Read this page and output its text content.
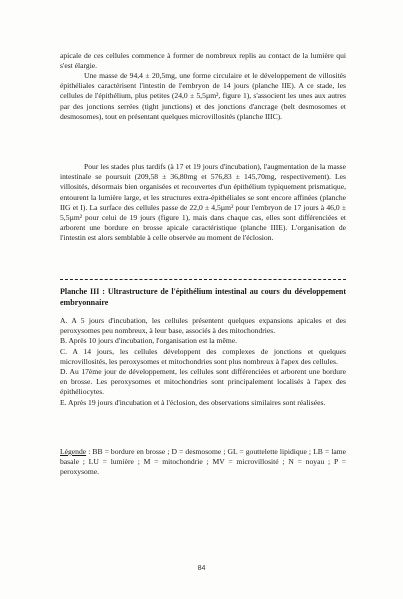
apicale de ces cellules commence à former de nombreux replis au contact de la lumière qui s'est élargie.

Une masse de 94,4 ± 20,5mg, une forme circulaire et le développement de villosités épithéliales caractérisent l'intestin de l'embryon de 14 jours (planche IIE). A ce stade, les cellules de l'épithélium, plus petites (24,0 ± 5,5µm², figure 1), s'associent les unes aux autres par des jonctions serrées (tight junctions) et des jonctions d'ancrage (belt desmosomes et desmosomes), tout en présentant quelques microvillosités (planche IIIC).

Pour les stades plus tardifs (à 17 et 19 jours d'incubation), l'augmentation de la masse intestinale se poursuit (209,58 ± 36,80mg et 576,83 ± 145,70mg, respectivement). Les villosités, désormais bien organisées et recouvertes d'un épithélium typiquement prismatique, entourent la lumière large, et les structures extra-épithéliales se sont encore affinées (planche IIG et I). La surface des cellules passe de 22,0 ± 4,5µm² pour l'embryon de 17 jours à 46,0 ± 5,5µm² pour celui de 19 jours (figure 1), mais dans chaque cas, elles sont différenciées et arborent une bordure en brosse apicale caractéristique (planche IIIE). L'organisation de l'intestin est alors semblable à celle observée au moment de l'éclosion.

Planche III : Ultrastructure de l'épithélium intestinal au cours du développement embryonnaire

A. A 5 jours d'incubation, les cellules présentent quelques expansions apicales et des peroxysomes peu nombreux, à leur base, associés à des mitochondries.

B. Après 10 jours d'incubation, l'organisation est la même.

C. A 14 jours, les cellules développent des complexes de jonctions et quelques microvillosités, les peroxysomes et mitochondries sont plus nombreux à l'apex des cellules.

D. Au 17ème jour de développement, les cellules sont différenciées et arborent une bordure en brosse. Les peroxysomes et mitochondries sont principalement localisés à l'apex des épithéliocytes.

E. Après 19 jours d'incubation et à l'éclosion, des observations similaires sont réalisées.

Légende : BB = bordure en brosse ; D = desmosome ; GL = gouttelette lipidique ; LB = lame basale ; LU = lumière ; M = mitochondrie ; MV = microvillosité ; N = noyau ; P = peroxysome.

84
